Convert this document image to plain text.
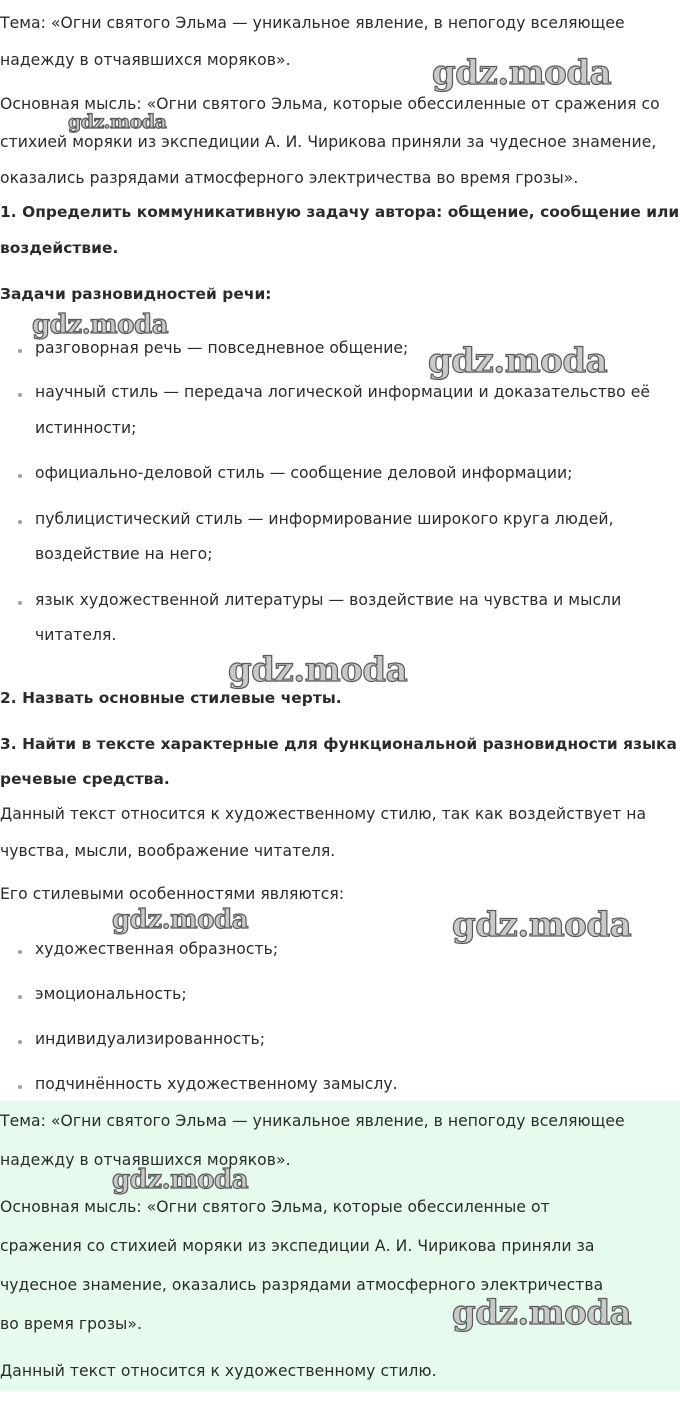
Тема: «Огни святого Эльма — уникальное явление, в непогоду вселяющее
надежду в отчаявшихся моряков».
Основная мысль: «Огни святого Эльма, которые обессиленные от сражения со
стихией моряки из экспедиции А. И. Чирикова приняли за чудесное знамение,
оказались разрядами атмосферного электричества во время грозы».
1. Определить коммуникативную задачу автора: общение, сообщение или
воздействие.
Задачи разновидностей речи:
разговорная речь — повседневное общение;
научный стиль — передача логической информации и доказательство её
истинности;
официально-деловой стиль — сообщение деловой информации;
публицистический стиль — информирование широкого круга людей,
воздействие на него;
язык художественной литературы — воздействие на чувства и мысли
читателя.
2. Назвать основные стилевые черты.
3. Найти в тексте характерные для функциональной разновидности языка
речевые средства.
Данный текст относится к художественному стилю, так как воздействует на
чувства, мысли, воображение читателя.
Его стилевыми особенностями являются:
художественная образность;
эмоциональность;
индивидуализированность;
подчинённость художественному замыслу.
Тема: «Огни святого Эльма — уникальное явление, в непогоду вселяющее
надежду в отчаявшихся моряков».
Основная мысль: «Огни святого Эльма, которые обессиленные от
сражения со стихией моряки из экспедиции А. И. Чирикова приняли за
чудесное знамение, оказались разрядами атмосферного электричества
во время грозы».
Данный текст относится к художественному стилю.
gdz.moda
gdz.moda
gdz.moda
gdz.moda
gdz.moda
gdz.moda	gdz.moda
gdz.moda
gdz.moda
